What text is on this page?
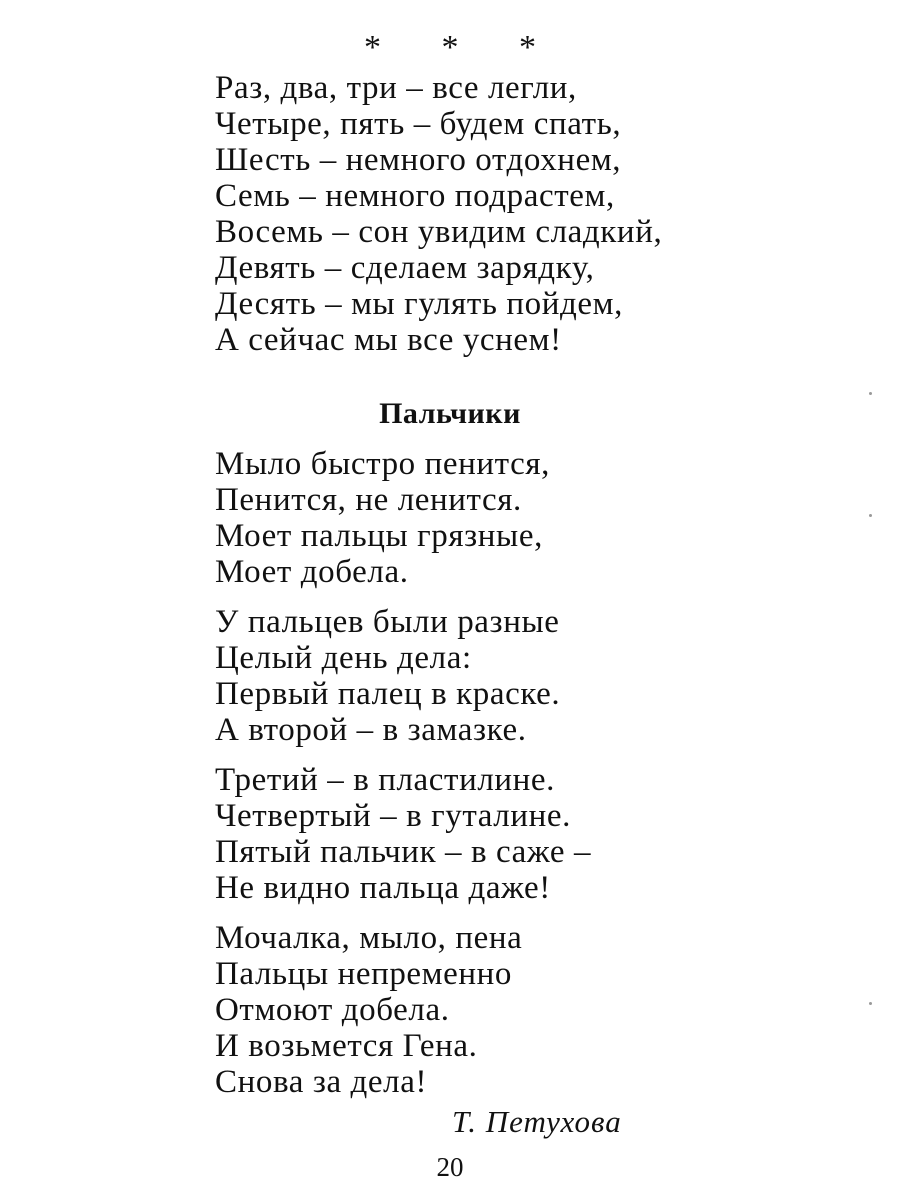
* * *
Раз, два, три – все легли,
Четыре, пять – будем спать,
Шесть – немного отдохнем,
Семь – немного подрастем,
Восемь – сон увидим сладкий,
Девять – сделаем зарядку,
Десять – мы гулять пойдем,
А сейчас мы все уснем!
Пальчики
Мыло быстро пенится,
Пенится, не ленится.
Моет пальцы грязные,
Моет добела.
У пальцев были разные
Целый день дела:
Первый палец в краске.
А второй – в замазке.
Третий – в пластилине.
Четвертый – в гуталине.
Пятый пальчик – в саже –
Не видно пальца даже!
Мочалка, мыло, пена
Пальцы непременно
Отмоют добела.
И возьмется Гена.
Снова за дела!
Т. Петухова
20
